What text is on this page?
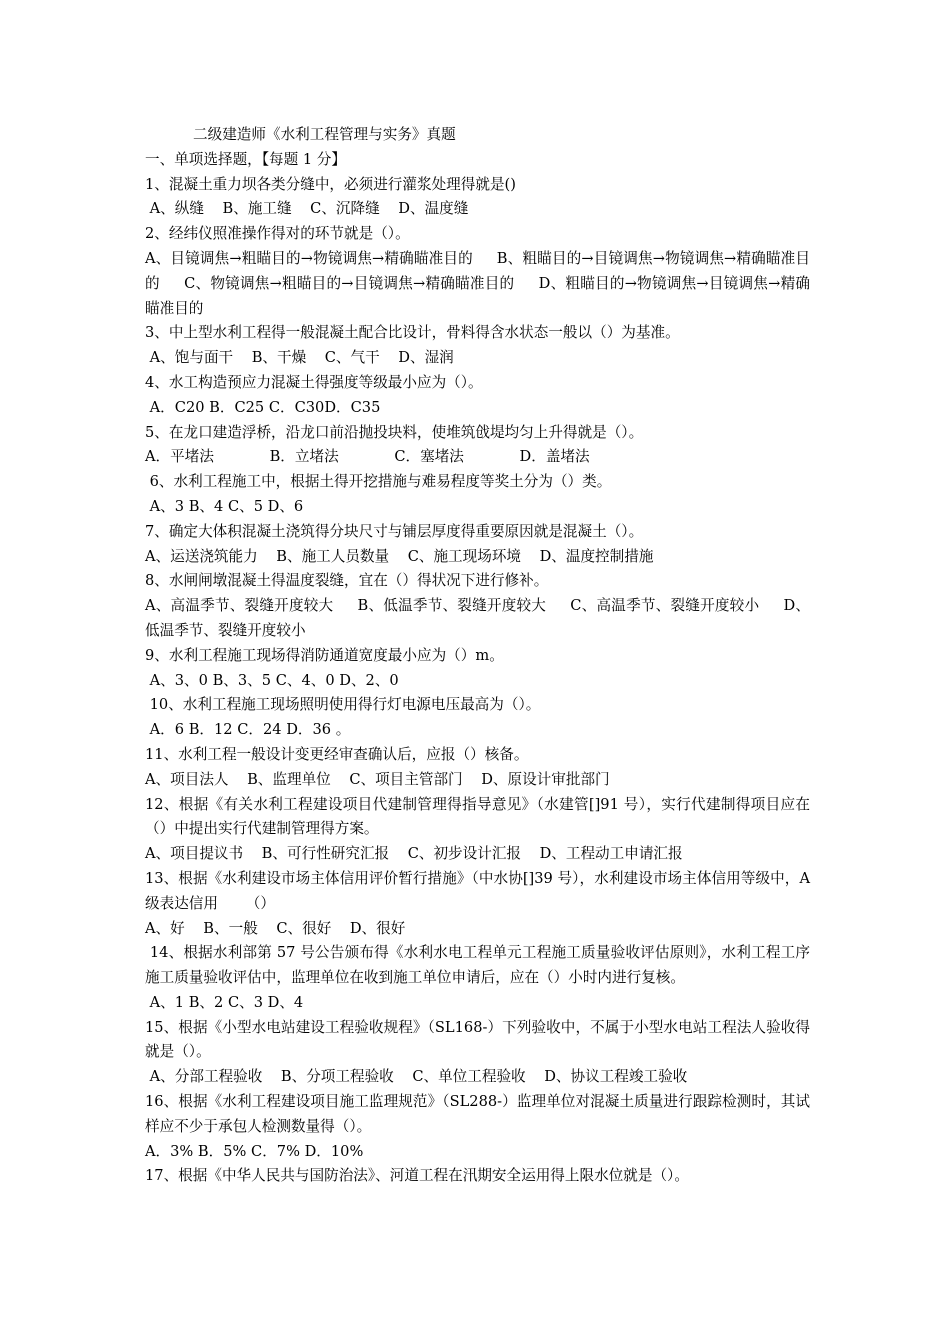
二级建造师《水利工程管理与实务》真题

一、单项选择题，【每题 1 分】

1、混凝土重力坝各类分缝中，必须进行灌浆处理得就是()

A、纵缝    B、施工缝    C、沉降缝    D、温度缝

2、经纬仪照准操作得对的环节就是（）。

A、目镜调焦→粗瞄目的→物镜调焦→精确瞄准目的     B、粗瞄目的→目镜调焦→物镜调焦→精确瞄准目的     C、物镜调焦→粗瞄目的→目镜调焦→精确瞄准目的     D、粗瞄目的→物镜调焦→目镜调焦→精确瞄准目的

3、中上型水利工程得一般混凝土配合比设计，骨料得含水状态一般以（）为基准。

A、饱与面干    B、干燥    C、气干    D、湿润

4、水工构造预应力混凝土得强度等级最小应为（）。

A．C20 B．C25 C．C30D．C35

5、在龙口建造浮桥，沿龙口前沿抛投块料，使堆筑戗堤均匀上升得就是（）。

A．平堵法            B．立堵法            C．塞堵法            D．盖堵法

6、水利工程施工中，根据土得开挖措施与难易程度等奖土分为（）类。

A、3 B、4 C、5 D、6

7、确定大体积混凝土浇筑得分块尺寸与铺层厚度得重要原因就是混凝土（）。

A、运送浇筑能力    B、施工人员数量    C、施工现场环境    D、温度控制措施

8、水闸闸墩混凝土得温度裂缝，宜在（）得状况下进行修补。

A、高温季节、裂缝开度较大     B、低温季节、裂缝开度较大     C、高温季节、裂缝开度较小     D、低温季节、裂缝开度较小

9、水利工程施工现场得消防通道宽度最小应为（）m。

A、3、0 B、3、5 C、4、0 D、2、0

10、水利工程施工现场照明使用得行灯电源电压最高为（）。

A．6 B．12 C．24 D．36 。

11、水利工程一般设计变更经审查确认后，应报（）核备。

A、项目法人    B、监理单位    C、项目主管部门    D、原设计审批部门

12、根据《有关水利工程建设项目代建制管理得指导意见》（水建管[]91 号），实行代建制得项目应在（）中提出实行代建制管理得方案。

A、项目提议书    B、可行性研究汇报    C、初步设计汇报    D、工程动工申请汇报

13、根据《水利建设市场主体信用评价暂行措施》（中水协[]39 号），水利建设市场主体信用等级中，A 级表达信用      （）

A、好    B、一般    C、很好    D、很好

14、根据水利部第 57 号公告颁布得《水利水电工程单元工程施工质量验收评估原则》，水利工程工序施工质量验收评估中，监理单位在收到施工单位申请后，应在（）小时内进行复核。

A、1 B、2 C、3 D、4

15、根据《小型水电站建设工程验收规程》（SL168-）下列验收中，不属于小型水电站工程法人验收得就是（）。

A、分部工程验收    B、分项工程验收    C、单位工程验收    D、协议工程竣工验收

16、根据《水利工程建设项目施工监理规范》（SL288-）监理单位对混凝土质量进行跟踪检测时，其试样应不少于承包人检测数量得（）。

A．3% B．5% C．7% D．10%

17、根据《中华人民共与国防治法》、河道工程在汛期安全运用得上限水位就是（）。
